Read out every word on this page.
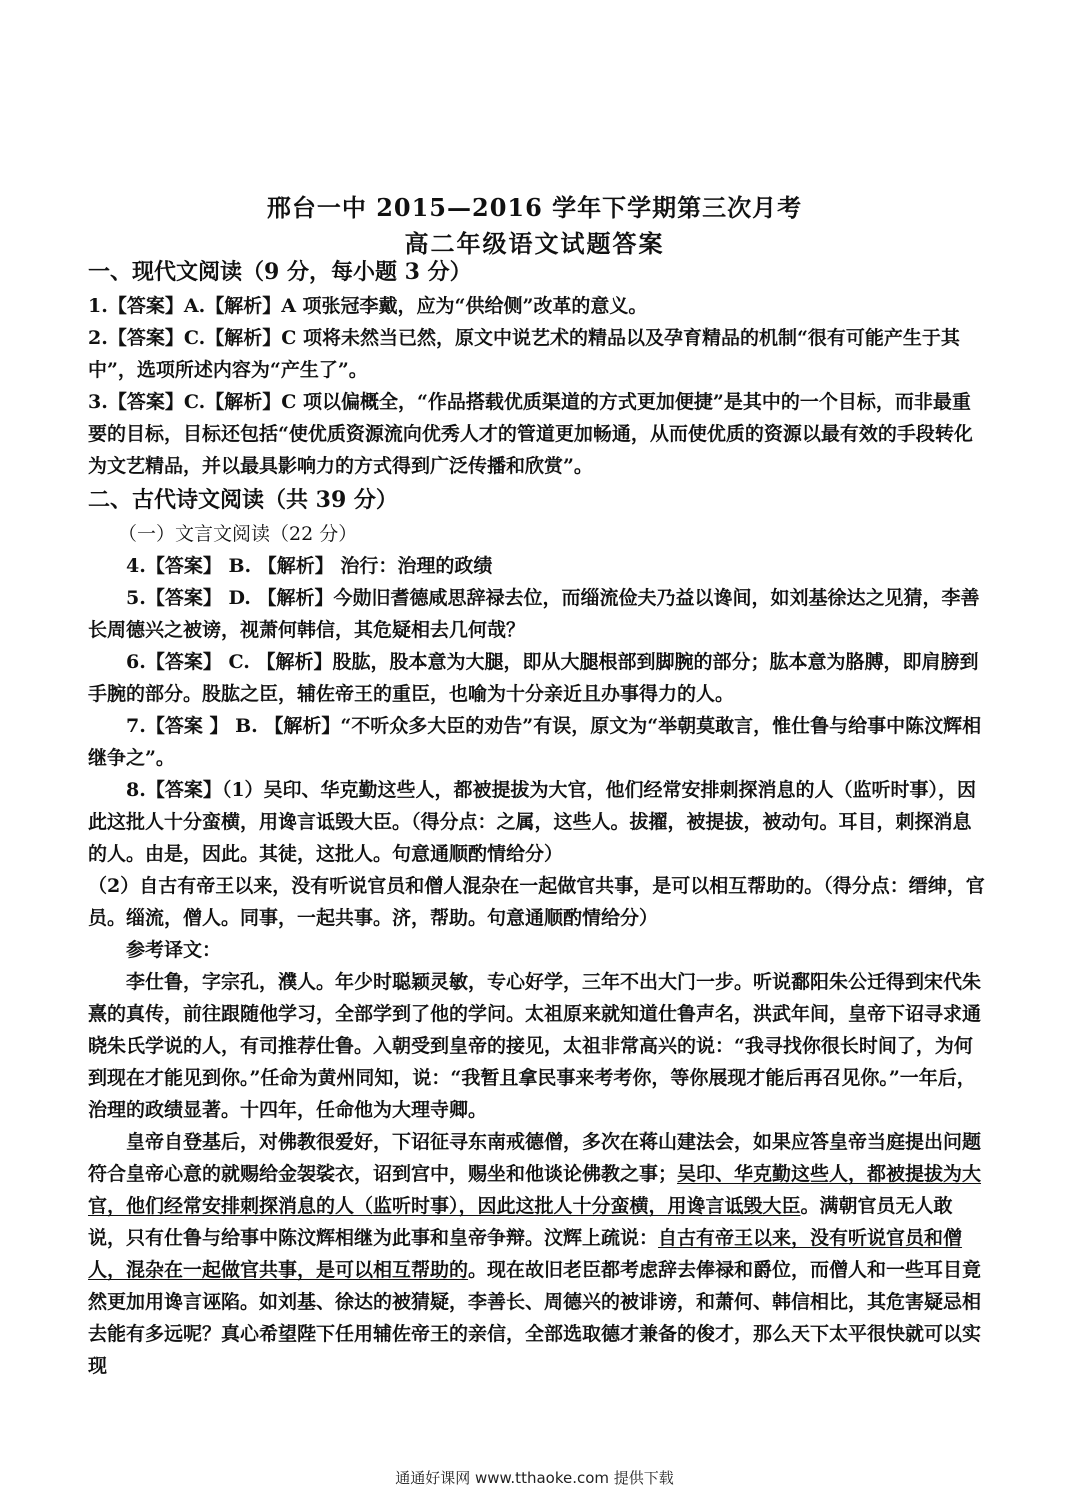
邢台一中 2015—2016 学年下学期第三次月考
高二年级语文试题答案

一、现代文阅读（9 分，每小题 3 分）

1.【答案】A.【解析】A 项张冠李戴，应为“供给侧”改革的意义。

2.【答案】C.【解析】C 项将未然当已然，原文中说艺术的精品以及孕育精品的机制“很有可能产生于其中”，选项所述内容为“产生了”。

3.【答案】C.【解析】C 项以偏概全，“作品搭载优质渠道的方式更加便捷”是其中的一个目标，而非最重要的目标，目标还包括“使优质资源流向优秀人才的管道更加畅通，从而使优质的资源以最有效的手段转化为文艺精品，并以最具影响力的方式得到广泛传播和欣赏”。

二、古代诗文阅读（共 39 分）

（一）文言文阅读（22 分）

4.【答案】 B. 【解析】 治行：治理的政绩

5.【答案】 D. 【解析】今勋旧耆德咸思辞禄去位，而缁流俭夫乃益以谗间，如刘基徐达之见猜，李善长周德兴之被谤，视萧何韩信，其危疑相去几何哉？

6.【答案】 C. 【解析】股肱，股本意为大腿，即从大腿根部到脚腕的部分；肱本意为胳膊，即肩膀到手腕的部分。股肱之臣，辅佐帝王的重臣，也喻为十分亲近且办事得力的人。

7.【答案 】 B. 【解析】“不听众多大臣的劝告”有误，原文为“举朝莫敢言，惟仕鲁与给事中陈汶辉相继争之”。

8.【答案】（1）吴印、华克勤这些人，都被提拔为大官，他们经常安排刺探消息的人（监听时事），因此这批人十分蛮横，用谗言诋毁大臣。（得分点：之属，这些人。拔擢，被提拔，被动句。耳目，刺探消息的人。由是，因此。其徒，这批人。句意通顺酌情给分）

（2）自古有帝王以来，没有听说官员和僧人混杂在一起做官共事，是可以相互帮助的。（得分点：缙绅，官员。缁流，僧人。同事，一起共事。济，帮助。句意通顺酌情给分）

参考译文：

李仕鲁，字宗孔，濮人。年少时聪颖灵敏，专心好学，三年不出大门一步。听说鄱阳朱公迁得到宋代朱熹的真传，前往跟随他学习，全部学到了他的学问。太祖原来就知道仕鲁声名，洪武年间，皇帝下诏寻求通晓朱氏学说的人，有司推荐仕鲁。入朝受到皇帝的接见，太祖非常高兴的说：“我寻找你很长时间了，为何到现在才能见到你。”任命为黄州同知，说：“我暂且拿民事来考考你，等你展现才能后再召见你。”一年后，治理的政绩显著。十四年，任命他为大理寺卿。

皇帝自登基后，对佛教很爱好，下诏征寻东南戒德僧，多次在蒋山建法会，如果应答皇帝当庭提出问题符合皇帝心意的就赐给金袈裟衣，诏到宫中，赐坐和他谈论佛教之事；吴印、华克勤这些人，都被提拔为大官，他们经常安排刺探消息的人（监听时事），因此这批人十分蛮横，用谗言诋毁大臣。满朝官员无人敢说，只有仕鲁与给事中陈汶辉相继为此事和皇帝争辩。汶辉上疏说：自古有帝王以来，没有听说官员和僧人，混杂在一起做官共事，是可以相互帮助的。现在故旧老臣都考虑辞去俸禄和爵位，而僧人和一些耳目竟然更加用谗言诬陷。如刘基、徐达的被猜疑，李善长、周德兴的被诽谤，和萧何、韩信相比，其危害疑忌相去能有多远呢？真心希望陛下任用辅佐帝王的亲信，全部选取德才兼备的俊才，那么天下太平很快就可以实现

通通好课网 www.tthaoke.com 提供下载
